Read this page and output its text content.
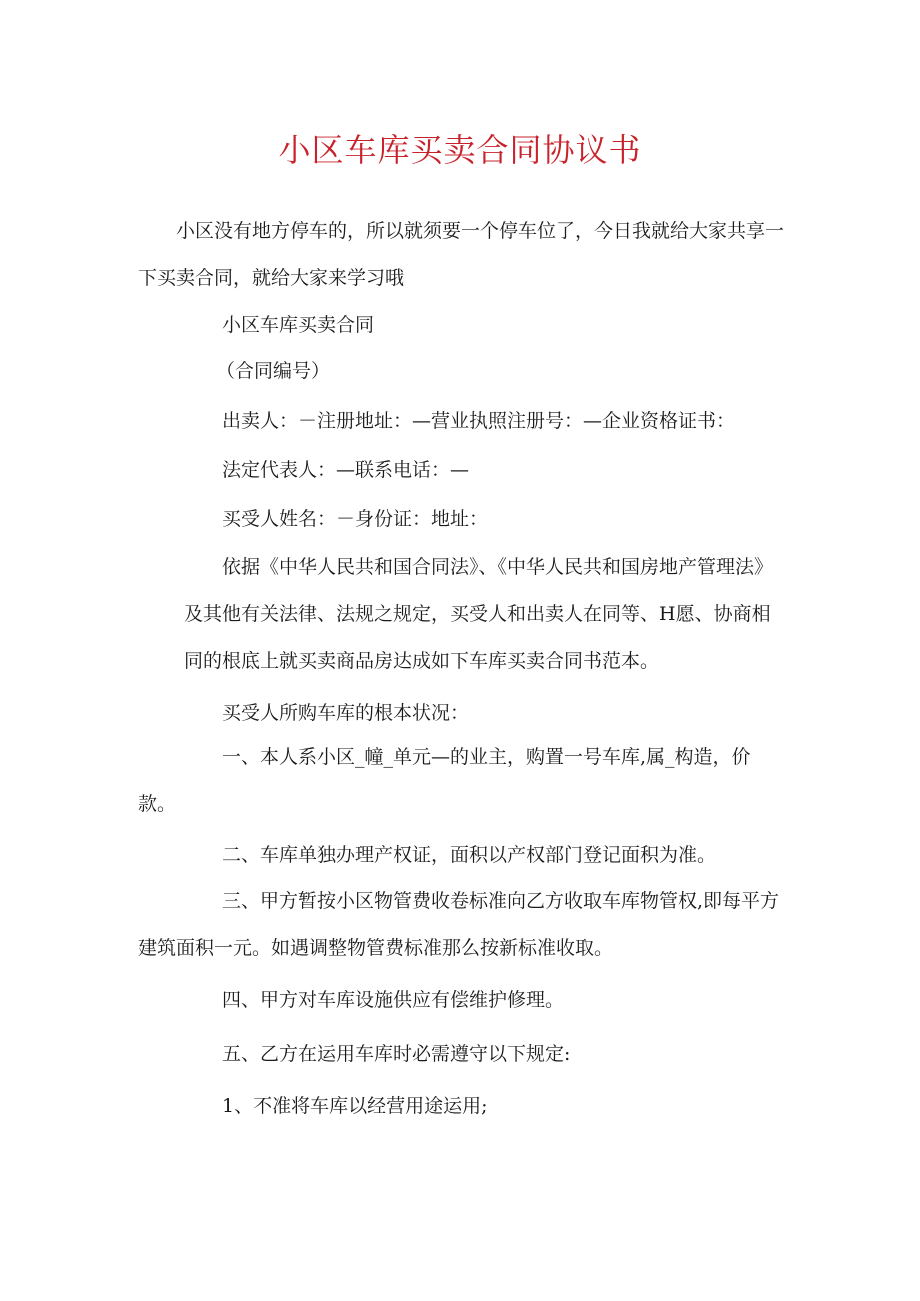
小区车库买卖合同协议书

小区没有地方停车的，所以就须要一个停车位了，今日我就给大家共享一下买卖合同，就给大家来学习哦

小区车库买卖合同
（合同编号）
出卖人：－注册地址：—营业执照注册号：—企业资格证书：
法定代表人：—联系电话：—
买受人姓名：－身份证：地址：

依据《中华人民共和国合同法》、《中华人民共和国房地产管理法》及其他有关法律、法规之规定，买受人和出卖人在同等、H愿、协商相同的根底上就买卖商品房达成如下车库买卖合同书范本。

买受人所购车库的根本状况：

一、本人系小区_幢_单元—的业主，购置一号车库,属_构造，价款。

二、车库单独办理产权证，面积以产权部门登记面积为准。

三、甲方暂按小区物管费收卷标准向乙方收取车库物管权,即每平方建筑面积一元。如遇调整物管费标准那么按新标准收取。

四、甲方对车库设施供应有偿维护修理。
五、乙方在运用车库时必需遵守以下规定:
1、不准将车库以经营用途运用;
